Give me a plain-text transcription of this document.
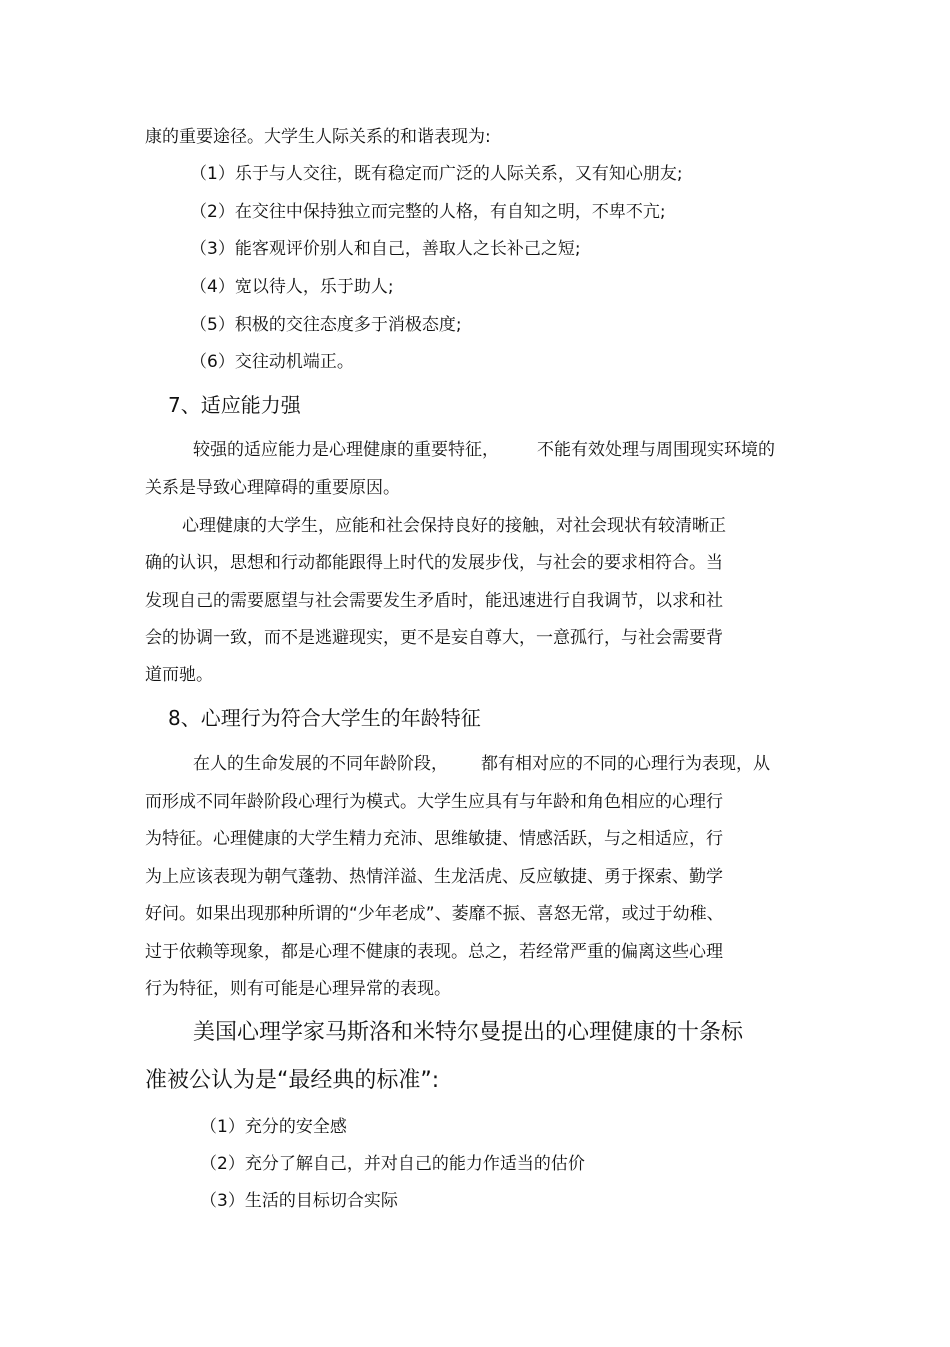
康的重要途径。大学生人际关系的和谐表现为:
（1）乐于与人交往，既有稳定而广泛的人际关系，又有知心朋友;
（2）在交往中保持独立而完整的人格，有自知之明，不卑不亢;
（3）能客观评价别人和自己，善取人之长补己之短;
（4）宽以待人，乐于助人;
（5）积极的交往态度多于消极态度;
（6）交往动机端正。
7、适应能力强
较强的适应能力是心理健康的重要特征， 不能有效处理与周围现实环境的
关系是导致心理障碍的重要原因。
心理健康的大学生，应能和社会保持良好的接触，对社会现状有较清晰正
确的认识，思想和行动都能跟得上时代的发展步伐，与社会的要求相符合。当
发现自己的需要愿望与社会需要发生矛盾时，能迅速进行自我调节，以求和社
会的协调一致，而不是逃避现实，更不是妄自尊大，一意孤行，与社会需要背
道而驰。
8、心理行为符合大学生的年龄特征
在人的生命发展的不同年龄阶段， 都有相对应的不同的心理行为表现，从
而形成不同年龄阶段心理行为模式。大学生应具有与年龄和角色相应的心理行
为特征。心理健康的大学生精力充沛、思维敏捷、情感活跃，与之相适应，行
为上应该表现为朝气蓬勃、热情洋溢、生龙活虎、反应敏捷、勇于探索、勤学
好问。如果出现那种所谓的“少年老成”、萎靡不振、喜怒无常，或过于幼稚、
过于依赖等现象，都是心理不健康的表现。总之，若经常严重的偏离这些心理
行为特征，则有可能是心理异常的表现。
美国心理学家马斯洛和米特尔曼提出的心理健康的十条标
准被公认为是“最经典的标准”:
（1）充分的安全感
（2）充分了解自己，并对自己的能力作适当的估价
（3）生活的目标切合实际
